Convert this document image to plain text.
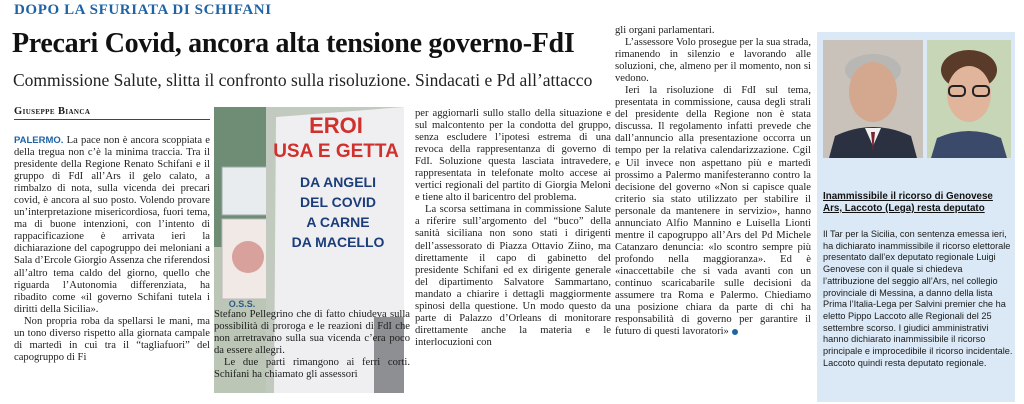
DOPO LA SFURIATA DI SCHIFANI
Precari Covid, ancora alta tensione governo-FdI
Commissione Salute, slitta il confronto sulla risoluzione. Sindacati e Pd all’attacco
Giuseppe Bianca

PALERMO. La pace non è ancora scoppiata e della tregua non c’è la minima traccia. Tra il presidente della Regione Renato Schifani e il gruppo di FdI all’Ars il gelo calato, a rimbalzo di nota, sulla vicenda dei precari covid, è ancora al suo posto. Volendo provare un’interpretazione misericordiosa, fuori tema, ma di buone intenzioni, con l’intento di rappacificazione è arrivata ieri la dichiarazione del capogruppo dei meloniani a Sala d’Ercole Giorgio Assenza che riferendosi all’altro tema caldo del giorno, quello che riguarda l’Autonomia differenziata, ha ribadito come «il governo Schifani tutela i diritti della Sicilia».

Non propria roba da spellarsi le mani, ma un tono diverso rispetto alla giornata campale di martedì in cui tra il “tagliafuori” del capogruppo di Fi

EROI
USA E GETTA
DA ANGELI
DEL COVID
A CARNE
DA MACELLO
O.S.S.

Stefano Pellegrino che di fatto chiudeva sulla possibilità di proroga e le reazioni di FdI che non arretravano sulla sua vicenda c’era poco da essere allegri.

Le due parti rimangono ai ferri corti. Schifani ha chiamato gli assessori

per aggiornarli sullo stallo della situazione e sul malcontento per la condotta del gruppo, senza escludere l’ipotesi estrema di una revoca della rappresentanza di governo di FdI. Soluzione questa lasciata intravedere, rappresentata in telefonate molto accese ai vertici regionali del partito di Giorgia Meloni e tiene alto il baricentro del problema.

La scorsa settimana in commissione Salute a riferire sull’argomento del “buco” della sanità siciliana non sono stati i dirigenti dell’assessorato di Piazza Ottavio Ziino, ma direttamente il capo di gabinetto del presidente Schifani ed ex dirigente generale del dipartimento Salvatore Sammartano, mandato a chiarire i dettagli maggiormente spinosi della questione. Un modo questo da parte di Palazzo d’Orleans di monitorare direttamente anche la materia e le interlocuzioni con

gli organi parlamentari.

L’assessore Volo prosegue per la sua strada, rimanendo in silenzio e lavorando alle soluzioni, che, almeno per il momento, non si vedono.

Ieri la risoluzione di FdI sul tema, presentata in commissione, causa degli strali del presidente della Regione non è stata discussa. Il regolamento infatti prevede che dall’annuncio alla presentazione occorra un tempo per la relativa calendarizzazione. Cgil e Uil invece non aspettano più e martedì prossimo a Palermo manifesteranno contro la decisione del governo «Non si capisce quale criterio sia stato utilizzato per stabilire il personale da mantenere in servizio», hanno annunciato Alfio Mannino e Luisella Lionti mentre il capogruppo all’Ars del Pd Michele Catanzaro denuncia: «lo scontro sempre più profondo nella maggioranza». Ed è «inaccettabile che si vada avanti con un continuo scaricabarile sulle decisioni da assumere tra Roma e Palermo. Chiediamo una posizione chiara da parte di chi ha responsabilità di governo per garantire il futuro di questi lavoratori»

Inammissibile il ricorso di Genovese Ars, Laccoto (Lega) resta deputato
Il Tar per la Sicilia, con sentenza emessa ieri, ha dichiarato inammissibile il ricorso elettorale presentato dall’ex deputato regionale Luigi Genovese con il quale si chiedeva l’attribuzione del seggio all’Ars, nel collegio provinciale di Messina, a danno della lista Prima l’Italia-Lega per Salvini premier che ha eletto Pippo Laccoto alle Regionali del 25 settembre scorso. I giudici amministrativi hanno dichiarato inammissibile il ricorso principale e improcedibile il ricorso incidentale. Laccoto quindi resta deputato regionale.
